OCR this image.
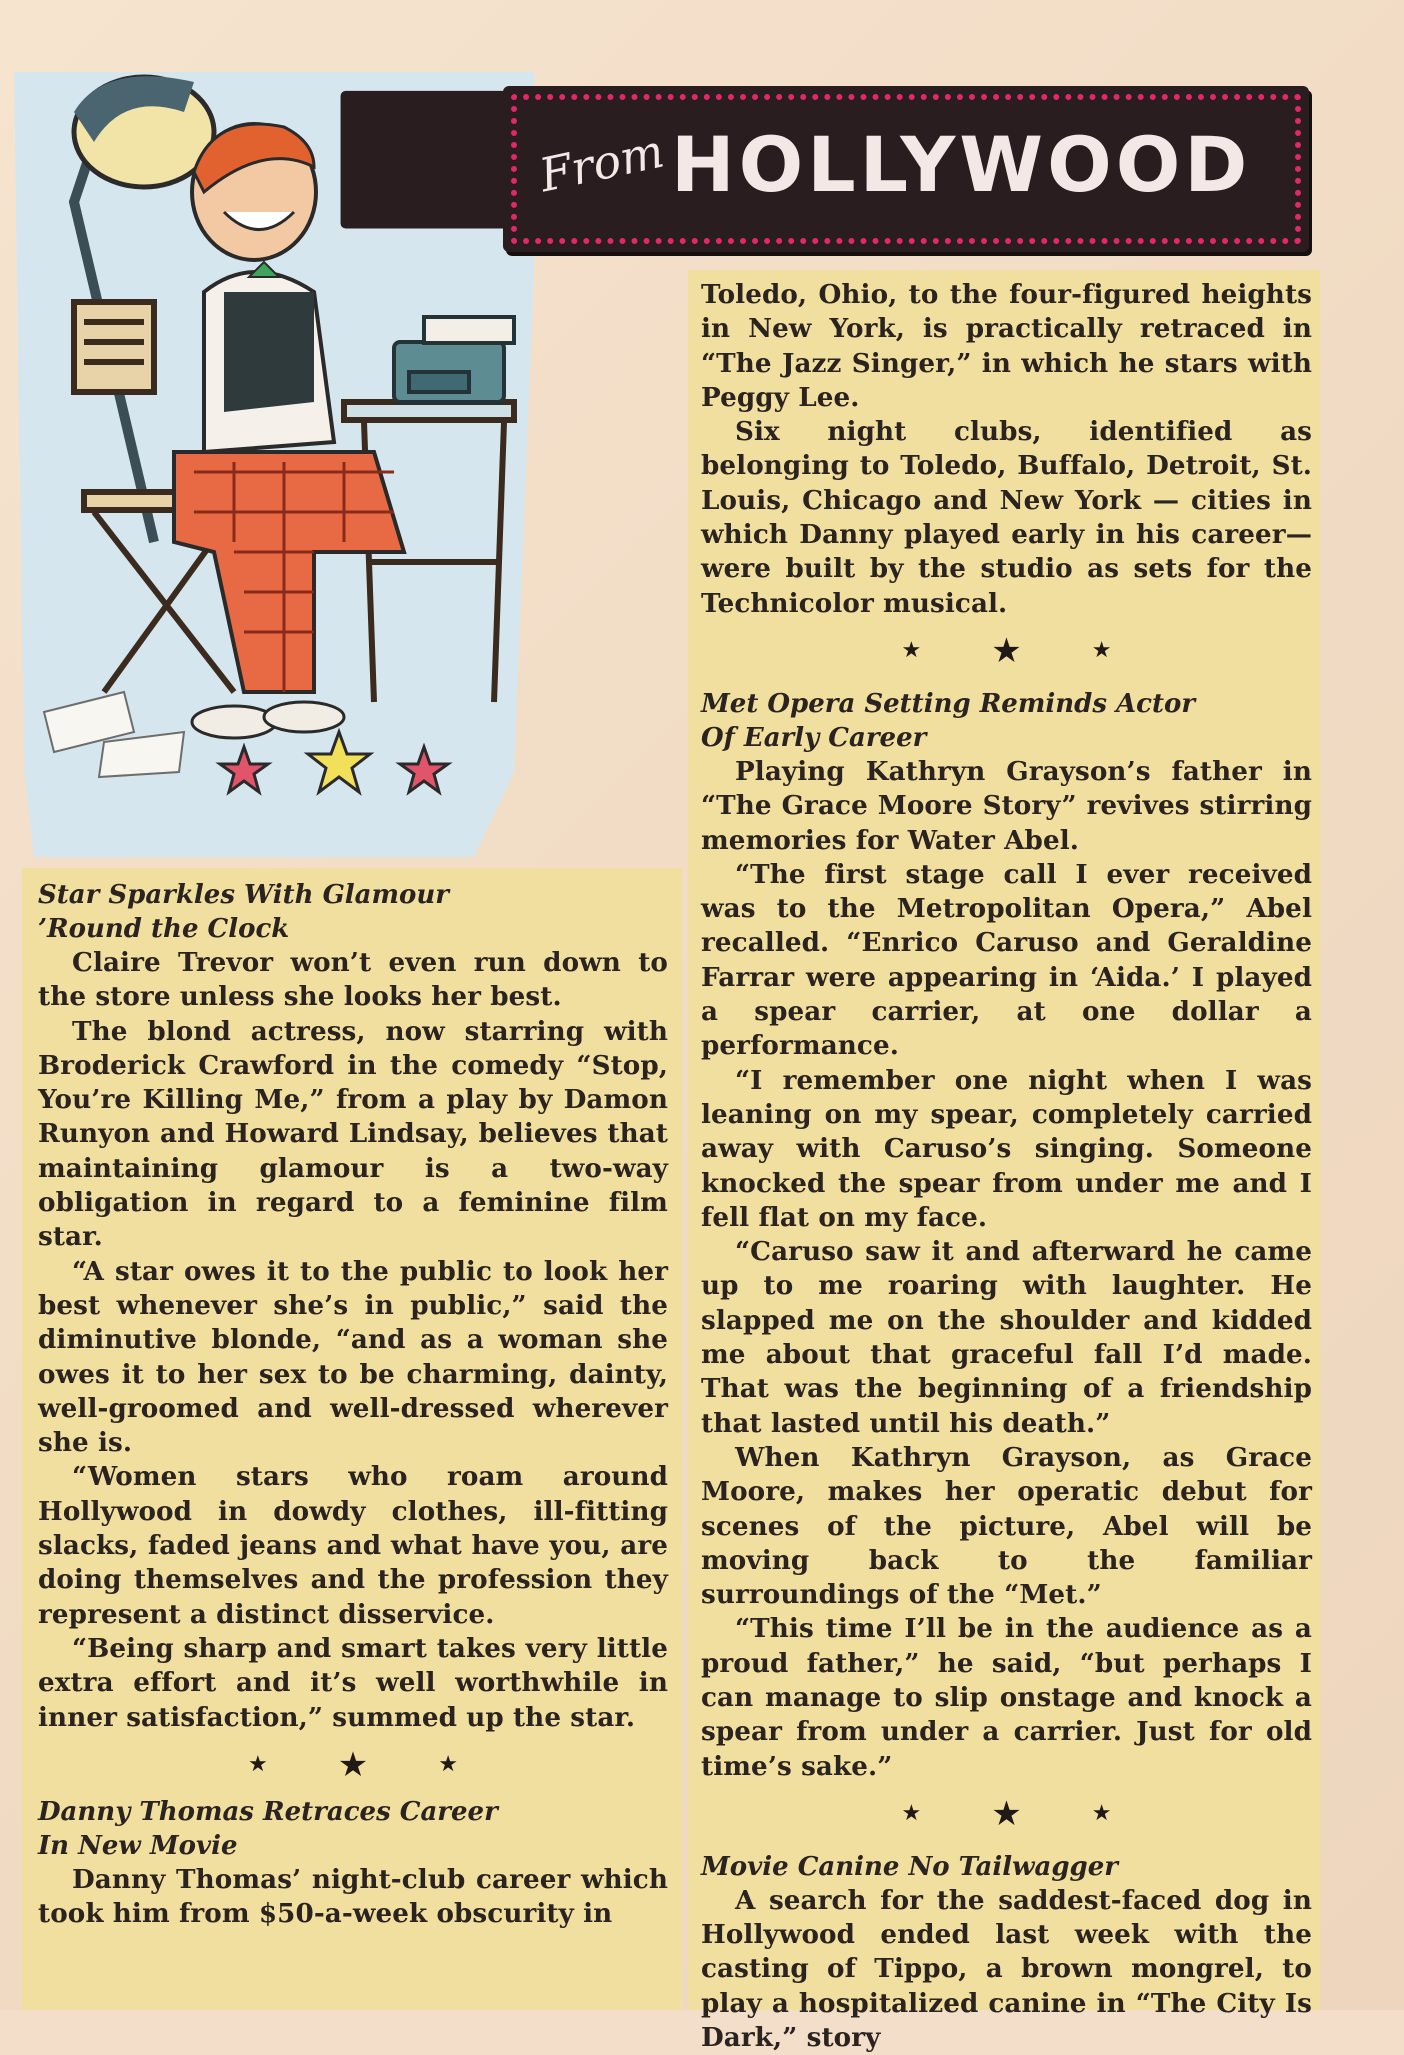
From HOLLYWOOD

Toledo, Ohio, to the four-figured heights in New York, is practically retraced in “The Jazz Singer,” in which he stars with Peggy Lee.

Six night clubs, identified as belonging to Toledo, Buffalo, Detroit, St. Louis, Chicago and New York — cities in which Danny played early in his career—were built by the studio as sets for the Technicolor musical.

★ ★	★

Met Opera Setting Reminds Actor
Of Early Career

Playing Kathryn Grayson’s father in “The Grace Moore Story” revives stirring memories for Water Abel.

“The first stage call I ever received was to the Metropolitan Opera,” Abel recalled. “Enrico Caruso and Geraldine Farrar were appearing in ‘Aida.’ I played a spear carrier, at one dollar a performance.

“I remember one night when I was leaning on my spear, completely carried away with Caruso’s singing. Someone knocked the spear from under me and I fell flat on my face.

“Caruso saw it and afterward he came up to me roaring with laughter. He slapped me on the shoulder and kidded me about that graceful fall I’d made. That was the beginning of a friendship that lasted until his death.”

When Kathryn Grayson, as Grace Moore, makes her operatic debut for scenes of the picture, Abel will be moving back to the familiar surroundings of the “Met.”

“This time I’ll be in the audience as a proud father,” he said, “but perhaps I can manage to slip onstage and knock a spear from under a carrier. Just for old time’s sake.”

★ ★	★

Movie Canine No Tailwagger

A search for the saddest-faced dog in Hollywood ended last week with the casting of Tippo, a brown mongrel, to play a hospitalized canine in “The City Is Dark,” story

Star Sparkles With Glamour
’Round the Clock

Claire Trevor won’t even run down to the store unless she looks her best.

The blond actress, now starring with Broderick Crawford in the comedy “Stop, You’re Killing Me,” from a play by Damon Runyon and Howard Lindsay, believes that maintaining glamour is a two-way obligation in regard to a feminine film star.

“A star owes it to the public to look her best whenever she’s in public,” said the diminutive blonde, “and as a woman she owes it to her sex to be charming, dainty, well-groomed and well-dressed wherever she is.

“Women stars who roam around Hollywood in dowdy clothes, ill-fitting slacks, faded jeans and what have you, are doing themselves and the profession they represent a distinct disservice.

“Being sharp and smart takes very little extra effort and it’s well worthwhile in inner satisfaction,” summed up the star.

★ ★	★

Danny Thomas Retraces Career
In New Movie

Danny Thomas’ night-club career which took him from $50-a-week obscurity in
